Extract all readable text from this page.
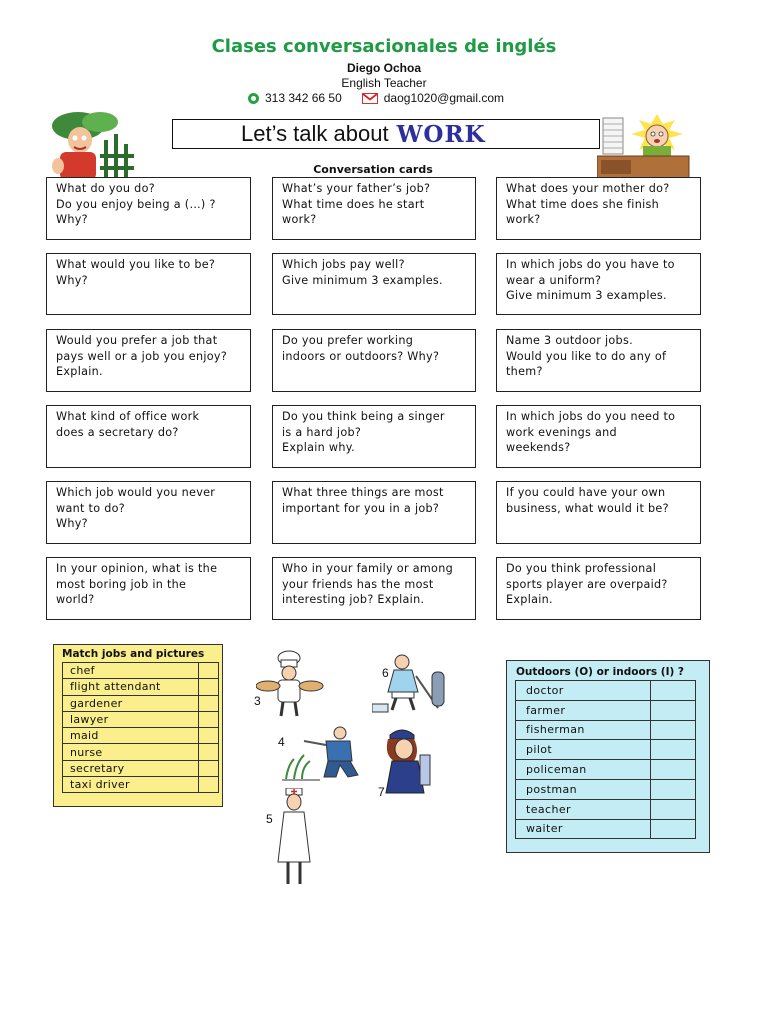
Clases conversacionales de inglés
Diego Ochoa
English Teacher
313 342 66 50	daog1020@gmail.com
Let’s talk about WORK
Conversation cards
What do you do?
Do you enjoy being a (…) ?
Why?
What’s your father’s job?
What time does he start
work?
What does your mother do?
What time does she finish
work?
What would you like to be?
Why?
Which jobs pay well?
Give minimum 3 examples.
In which jobs do you have to
wear a uniform?
Give minimum 3 examples.
Would you prefer a job that
pays well or a job you enjoy?
Explain.
Do you prefer working
indoors or outdoors? Why?
Name 3 outdoor jobs.
Would you like to do any of
them?
What kind of office work
does a secretary do?
Do you think being a singer
is a hard job?
Explain why.
In which jobs do you need to
work evenings and
weekends?
Which job would you never
want to do?
Why?
What three things are most
important for you in a job?
If you could have your own
business, what would it be?
In your opinion, what is the
most boring job in the
world?
Who in your family or among
your friends has the most
interesting job? Explain.
Do you think professional
sports player are overpaid?
Explain.
Match jobs and pictures
chef	
flight attendant	
gardener	
lawyer	
maid	
nurse	
secretary	
taxi driver	
3
6
4
7
5
Outdoors (O) or indoors (I) ?
doctor	
farmer	
fisherman	
pilot	
policeman	
postman	
teacher	
waiter	
